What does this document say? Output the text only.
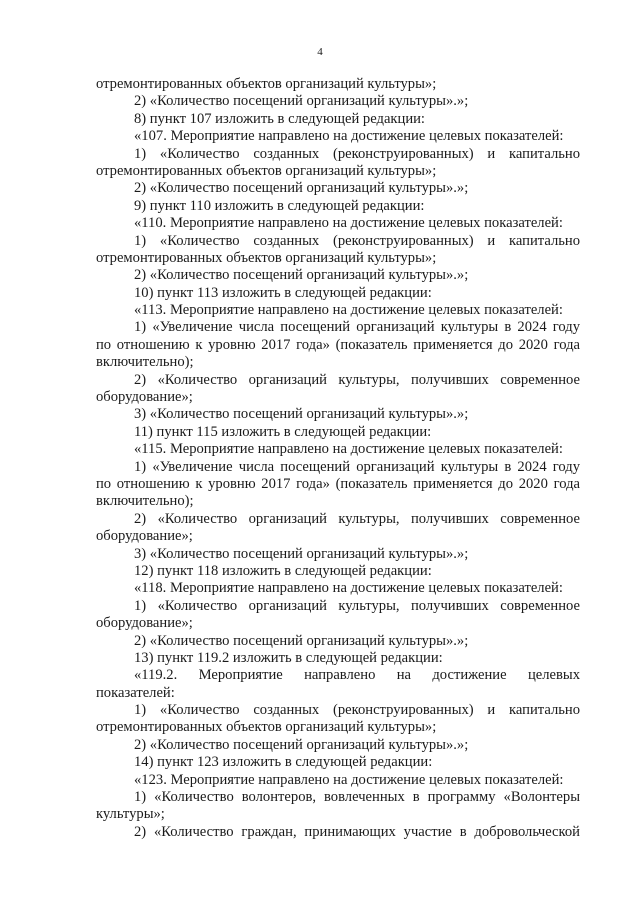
4
отремонтированных объектов организаций культуры»;
2) «Количество посещений организаций культуры».»;
8) пункт 107 изложить в следующей редакции:
«107. Мероприятие направлено на достижение целевых показателей:
1) «Количество созданных (реконструированных) и капитально
отремонтированных объектов организаций культуры»;
2) «Количество посещений организаций культуры».»;
9) пункт 110 изложить в следующей редакции:
«110. Мероприятие направлено на достижение целевых показателей:
1) «Количество созданных (реконструированных) и капитально
отремонтированных объектов организаций культуры»;
2) «Количество посещений организаций культуры».»;
10) пункт 113 изложить в следующей редакции:
«113. Мероприятие направлено на достижение целевых показателей:
1) «Увеличение числа посещений организаций культуры в 2024 году
по отношению к уровню 2017 года» (показатель применяется до 2020 года
включительно);
2) «Количество организаций культуры, получивших современное
оборудование»;
3) «Количество посещений организаций культуры».»;
11) пункт 115 изложить в следующей редакции:
«115. Мероприятие направлено на достижение целевых показателей:
1) «Увеличение числа посещений организаций культуры в 2024 году
по отношению к уровню 2017 года» (показатель применяется до 2020 года
включительно);
2) «Количество организаций культуры, получивших современное
оборудование»;
3) «Количество посещений организаций культуры».»;
12) пункт 118 изложить в следующей редакции:
«118. Мероприятие направлено на достижение целевых показателей:
1) «Количество организаций культуры, получивших современное
оборудование»;
2) «Количество посещений организаций культуры».»;
13) пункт 119.2 изложить в следующей редакции:
«119.2. Мероприятие направлено на достижение целевых
показателей:
1) «Количество созданных (реконструированных) и капитально
отремонтированных объектов организаций культуры»;
2) «Количество посещений организаций культуры».»;
14) пункт 123 изложить в следующей редакции:
«123. Мероприятие направлено на достижение целевых показателей:
1) «Количество волонтеров, вовлеченных в программу «Волонтеры
культуры»;
2) «Количество граждан, принимающих участие в добровольческой
